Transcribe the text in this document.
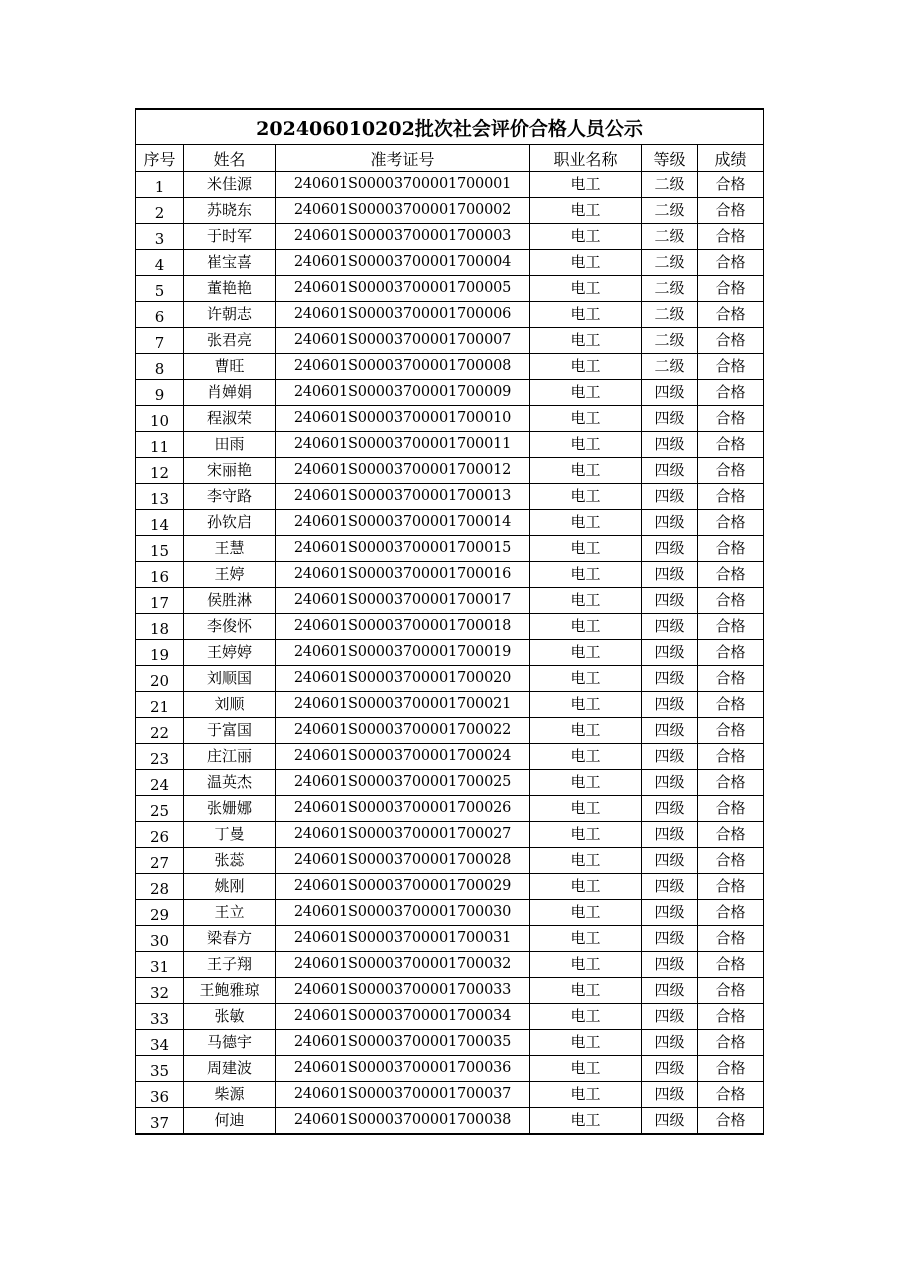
202406010202批次社会评价合格人员公示					
序号	姓名	准考证号	职业名称	等级	成绩
1	米佳源	240601S00003700001700001	电工	二级	合格
2	苏晓东	240601S00003700001700002	电工	二级	合格
3	于时军	240601S00003700001700003	电工	二级	合格
4	崔宝喜	240601S00003700001700004	电工	二级	合格
5	董艳艳	240601S00003700001700005	电工	二级	合格
6	许朝志	240601S00003700001700006	电工	二级	合格
7	张君亮	240601S00003700001700007	电工	二级	合格
8	曹旺	240601S00003700001700008	电工	二级	合格
9	肖婵娟	240601S00003700001700009	电工	四级	合格
10	程淑荣	240601S00003700001700010	电工	四级	合格
11	田雨	240601S00003700001700011	电工	四级	合格
12	宋丽艳	240601S00003700001700012	电工	四级	合格
13	李守路	240601S00003700001700013	电工	四级	合格
14	孙钦启	240601S00003700001700014	电工	四级	合格
15	王慧	240601S00003700001700015	电工	四级	合格
16	王婷	240601S00003700001700016	电工	四级	合格
17	侯胜淋	240601S00003700001700017	电工	四级	合格
18	李俊怀	240601S00003700001700018	电工	四级	合格
19	王婷婷	240601S00003700001700019	电工	四级	合格
20	刘顺国	240601S00003700001700020	电工	四级	合格
21	刘顺	240601S00003700001700021	电工	四级	合格
22	于富国	240601S00003700001700022	电工	四级	合格
23	庄江丽	240601S00003700001700024	电工	四级	合格
24	温英杰	240601S00003700001700025	电工	四级	合格
25	张姗娜	240601S00003700001700026	电工	四级	合格
26	丁曼	240601S00003700001700027	电工	四级	合格
27	张蕊	240601S00003700001700028	电工	四级	合格
28	姚刚	240601S00003700001700029	电工	四级	合格
29	王立	240601S00003700001700030	电工	四级	合格
30	梁春方	240601S00003700001700031	电工	四级	合格
31	王子翔	240601S00003700001700032	电工	四级	合格
32	王鲍雅琼	240601S00003700001700033	电工	四级	合格
33	张敏	240601S00003700001700034	电工	四级	合格
34	马德宇	240601S00003700001700035	电工	四级	合格
35	周建波	240601S00003700001700036	电工	四级	合格
36	柴源	240601S00003700001700037	电工	四级	合格
37	何迪	240601S00003700001700038	电工	四级	合格
